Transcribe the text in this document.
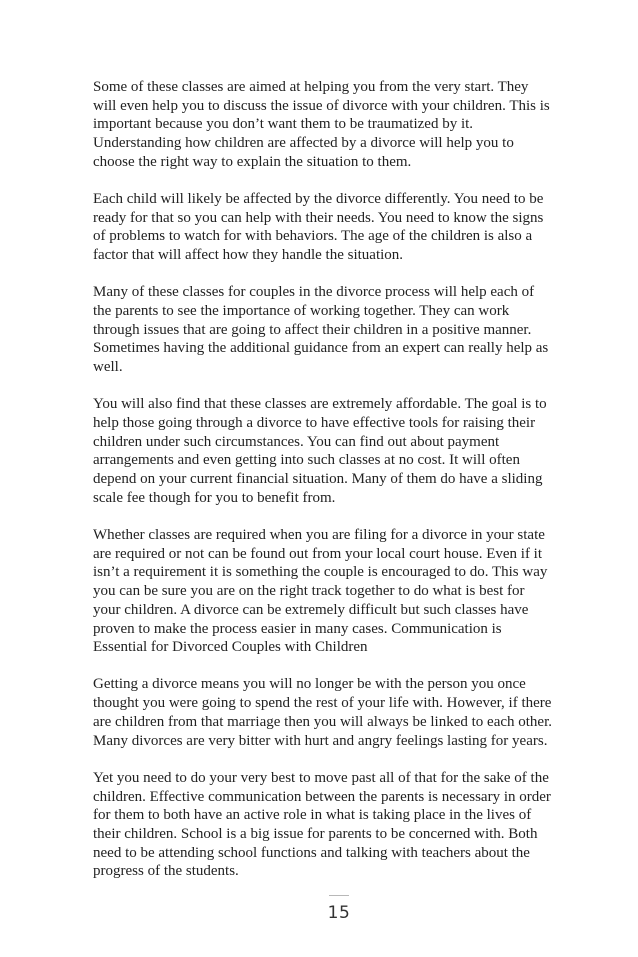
Some of these classes are aimed at helping you from the very start. They will even help you to discuss the issue of divorce with your children. This is important because you don’t want them to be traumatized by it. Understanding how children are affected by a divorce will help you to choose the right way to explain the situation to them.

Each child will likely be affected by the divorce differently. You need to be ready for that so you can help with their needs. You need to know the signs of problems to watch for with behaviors. The age of the children is also a factor that will affect how they handle the situation.

Many of these classes for couples in the divorce process will help each of the parents to see the importance of working together. They can work through issues that are going to affect their children in a positive manner. Sometimes having the additional guidance from an expert can really help as well.

You will also find that these classes are extremely affordable. The goal is to help those going through a divorce to have effective tools for raising their children under such circumstances. You can find out about payment arrangements and even getting into such classes at no cost. It will often depend on your current financial situation. Many of them do have a sliding scale fee though for you to benefit from.

Whether classes are required when you are filing for a divorce in your state are required or not can be found out from your local court house. Even if it isn’t a requirement it is something the couple is encouraged to do. This way you can be sure you are on the right track together to do what is best for your children. A divorce can be extremely difficult but such classes have proven to make the process easier in many cases. Communication is Essential for Divorced Couples with Children

Getting a divorce means you will no longer be with the person you once thought you were going to spend the rest of your life with. However, if there are children from that marriage then you will always be linked to each other. Many divorces are very bitter with hurt and angry feelings lasting for years.

Yet you need to do your very best to move past all of that for the sake of the children. Effective communication between the parents is necessary in order for them to both have an active role in what is taking place in the lives of their children. School is a big issue for parents to be concerned with. Both need to be attending school functions and talking with teachers about the progress of the students.

15
